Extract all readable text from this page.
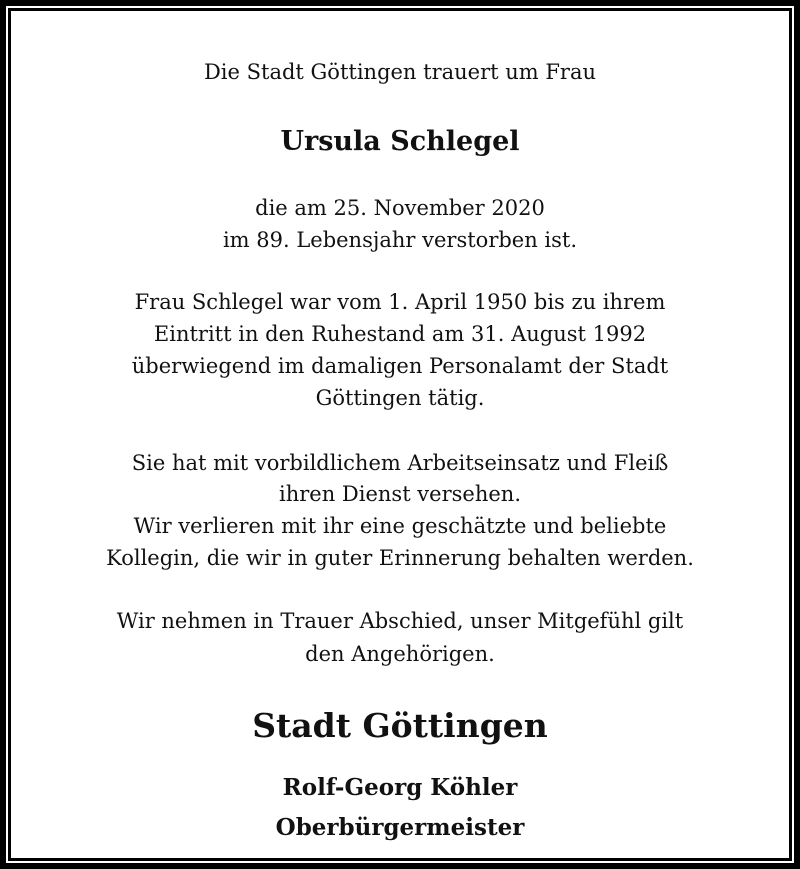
Die Stadt Göttingen trauert um Frau
Ursula Schlegel
die am 25. November 2020
im 89. Lebensjahr verstorben ist.
Frau Schlegel war vom 1. April 1950 bis zu ihrem
Eintritt in den Ruhestand am 31. August 1992
überwiegend im damaligen Personalamt der Stadt
Göttingen tätig.
Sie hat mit vorbildlichem Arbeitseinsatz und Fleiß
ihren Dienst versehen.
Wir verlieren mit ihr eine geschätzte und beliebte
Kollegin, die wir in guter Erinnerung behalten werden.
Wir nehmen in Trauer Abschied, unser Mitgefühl gilt
den Angehörigen.
Stadt Göttingen
Rolf-Georg Köhler
Oberbürgermeister
